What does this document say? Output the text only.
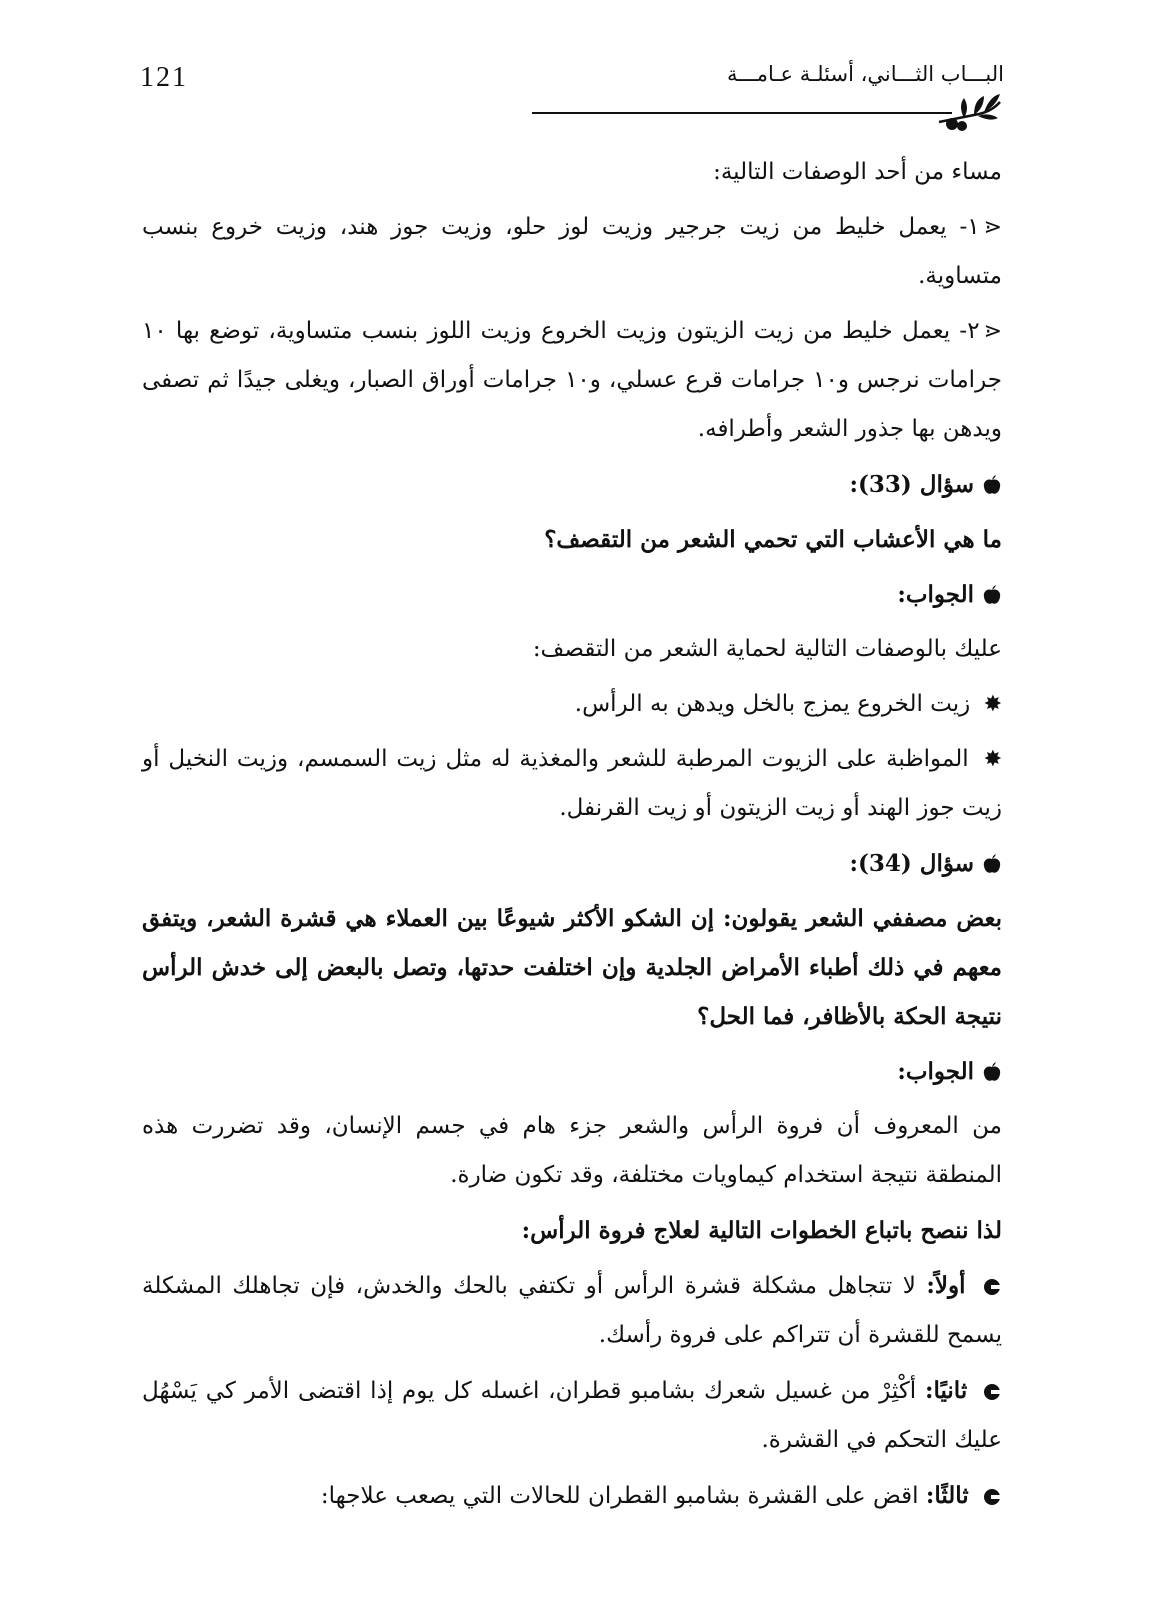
121	البـــاب الثـــاني، أسئلـة عـامـــة

مساء من أحد الوصفات التالية:

⋖١- يعمل خليط من زيت جرجير وزيت لوز حلو، وزيت جوز هند، وزيت خروع بنسب متساوية.

⋖٢- يعمل خليط من زيت الزيتون وزيت الخروع وزيت اللوز بنسب متساوية، توضع بها ١٠ جرامات نرجس و١٠ جرامات قرع عسلي، و١٠ جرامات أوراق الصبار، ويغلى جيدًا ثم تصفى ويدهن بها جذور الشعر وأطرافه.

سؤال (33):

ما هي الأعشاب التي تحمي الشعر من التقصف؟

الجواب:

عليك بالوصفات التالية لحماية الشعر من التقصف:

✸ زيت الخروع يمزج بالخل ويدهن به الرأس.

✸ المواظبة على الزيوت المرطبة للشعر والمغذية له مثل زيت السمسم، وزيت النخيل أو زيت جوز الهند أو زيت الزيتون أو زيت القرنفل.

سؤال (34):

بعض مصففي الشعر يقولون: إن الشكو الأكثر شيوعًا بين العملاء هي قشرة الشعر، ويتفق معهم في ذلك أطباء الأمراض الجلدية وإن اختلفت حدتها، وتصل بالبعض إلى خدش الرأس نتيجة الحكة بالأظافر، فما الحل؟

الجواب:

من المعروف أن فروة الرأس والشعر جزء هام في جسم الإنسان، وقد تضررت هذه المنطقة نتيجة استخدام كيماويات مختلفة، وقد تكون ضارة.

لذا ننصح باتباع الخطوات التالية لعلاج فروة الرأس:

أولاً: لا تتجاهل مشكلة قشرة الرأس أو تكتفي بالحك والخدش، فإن تجاهلك المشكلة يسمح للقشرة أن تتراكم على فروة رأسك.

ثانيًا: أكْثِرْ من غسيل شعرك بشامبو قطران، اغسله كل يوم إذا اقتضى الأمر كي يَسْهُل عليك التحكم في القشرة.

ثالثًا: اقض على القشرة بشامبو القطران للحالات التي يصعب علاجها:
